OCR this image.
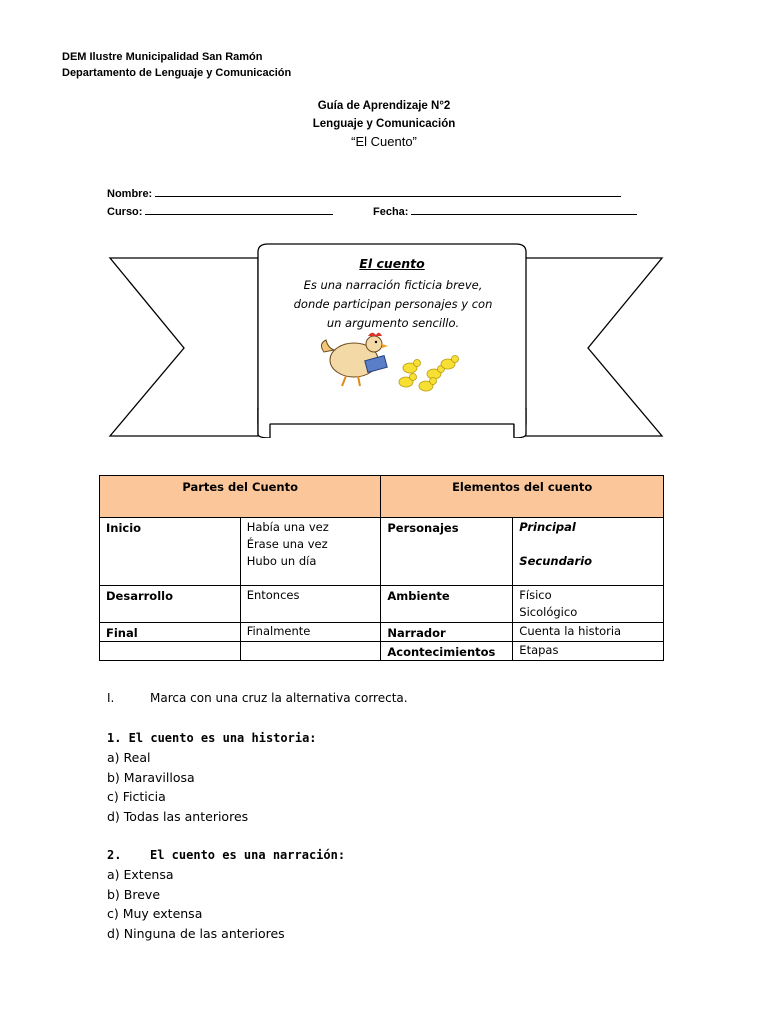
DEM Ilustre Municipalidad San Ramón
Departamento de Lenguaje y Comunicación
Guía de Aprendizaje N°2
Lenguaje y Comunicación
“El Cuento”
Nombre:
Curso:	Fecha:
El cuento
Es una narración ficticia breve,
donde participan personajes y con
un argumento sencillo.
Partes del Cuento		Elementos del cuento	
Inicio	Había una vez
Érase una vez
Hubo un día	Personajes	Principal
Secundario

Desarrollo	Entonces	Ambiente	Físico
Sicológico

Final	Finalmente	Narrador	Cuenta la historia
		Acontecimientos	Etapas
I.	Marca con una cruz la alternativa correcta.
1. El cuento es una historia:
a) Real
b) Maravillosa
c) Ficticia
d) Todas las anteriores
2. El cuento es una narración:
a) Extensa
b) Breve
c) Muy extensa
d) Ninguna de las anteriores
